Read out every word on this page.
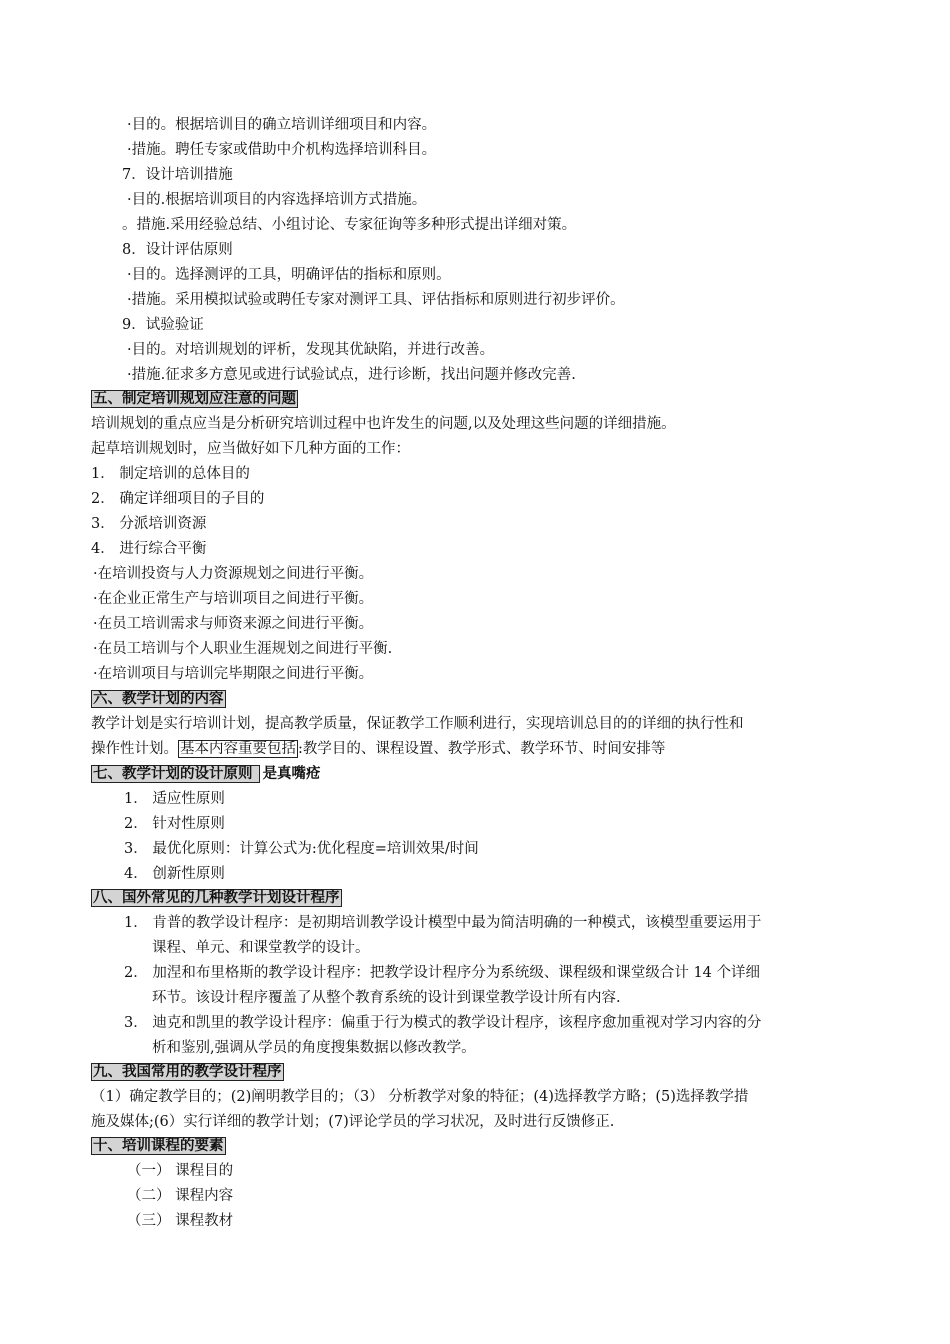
·目的。根据培训目的确立培训详细项目和内容。
·措施。聘任专家或借助中介机构选择培训科目。
7．设计培训措施
·目的.根据培训项目的内容选择培训方式措施。
。措施.采用经验总结、小组讨论、专家征询等多种形式提出详细对策。
8．设计评估原则
·目的。选择测评的工具，明确评估的指标和原则。
·措施。采用模拟试验或聘任专家对测评工具、评估指标和原则进行初步评价。
9．试验验证
·目的。对培训规划的评析，发现其优缺陷，并进行改善。
·措施.征求多方意见或进行试验试点，进行诊断，找出问题并修改完善.
五、制定培训规划应注意的问题
培训规划的重点应当是分析研究培训过程中也许发生的问题,以及处理这些问题的详细措施。
起草培训规划时，应当做好如下几种方面的工作：
1． 制定培训的总体目的
2． 确定详细项目的子目的
3． 分派培训资源
4． 进行综合平衡
·在培训投资与人力资源规划之间进行平衡。
·在企业正常生产与培训项目之间进行平衡。
·在员工培训需求与师资来源之间进行平衡。
·在员工培训与个人职业生涯规划之间进行平衡.
·在培训项目与培训完毕期限之间进行平衡。
六、教学计划的内容
教学计划是实行培训计划，提高教学质量，保证教学工作顺利进行，实现培训总目的的详细的执行性和
操作性计划。 基本内容重要包括 :教学目的、课程设置、教学形式、教学环节、时间安排等
七、教学计划的设计原则 是真嘴疮
1． 适应性原则
2． 针对性原则
3． 最优化原则：计算公式为:优化程度=培训效果/时间
4． 创新性原则
八、国外常见的几种教学计划设计程序
1． 肯普的教学设计程序：是初期培训教学设计模型中最为简洁明确的一种模式，该模型重要运用于
课程、单元、和课堂教学的设计。
2． 加涅和布里格斯的教学设计程序：把教学设计程序分为系统级、课程级和课堂级合计 14 个详细
环节。该设计程序覆盖了从整个教育系统的设计到课堂教学设计所有内容.
3． 迪克和凯里的教学设计程序：偏重于行为模式的教学设计程序，该程序愈加重视对学习内容的分
析和鉴别,强调从学员的角度搜集数据以修改教学。
九、我国常用的教学设计程序
（1）确定教学目的；(2)阐明教学目的；（3） 分析教学对象的特征；(4)选择教学方略；(5)选择教学措
施及媒体;(6）实行详细的教学计划；(7)评论学员的学习状况，及时进行反馈修正.
十、培训课程的要素
（一） 课程目的
（二） 课程内容
（三） 课程教材
